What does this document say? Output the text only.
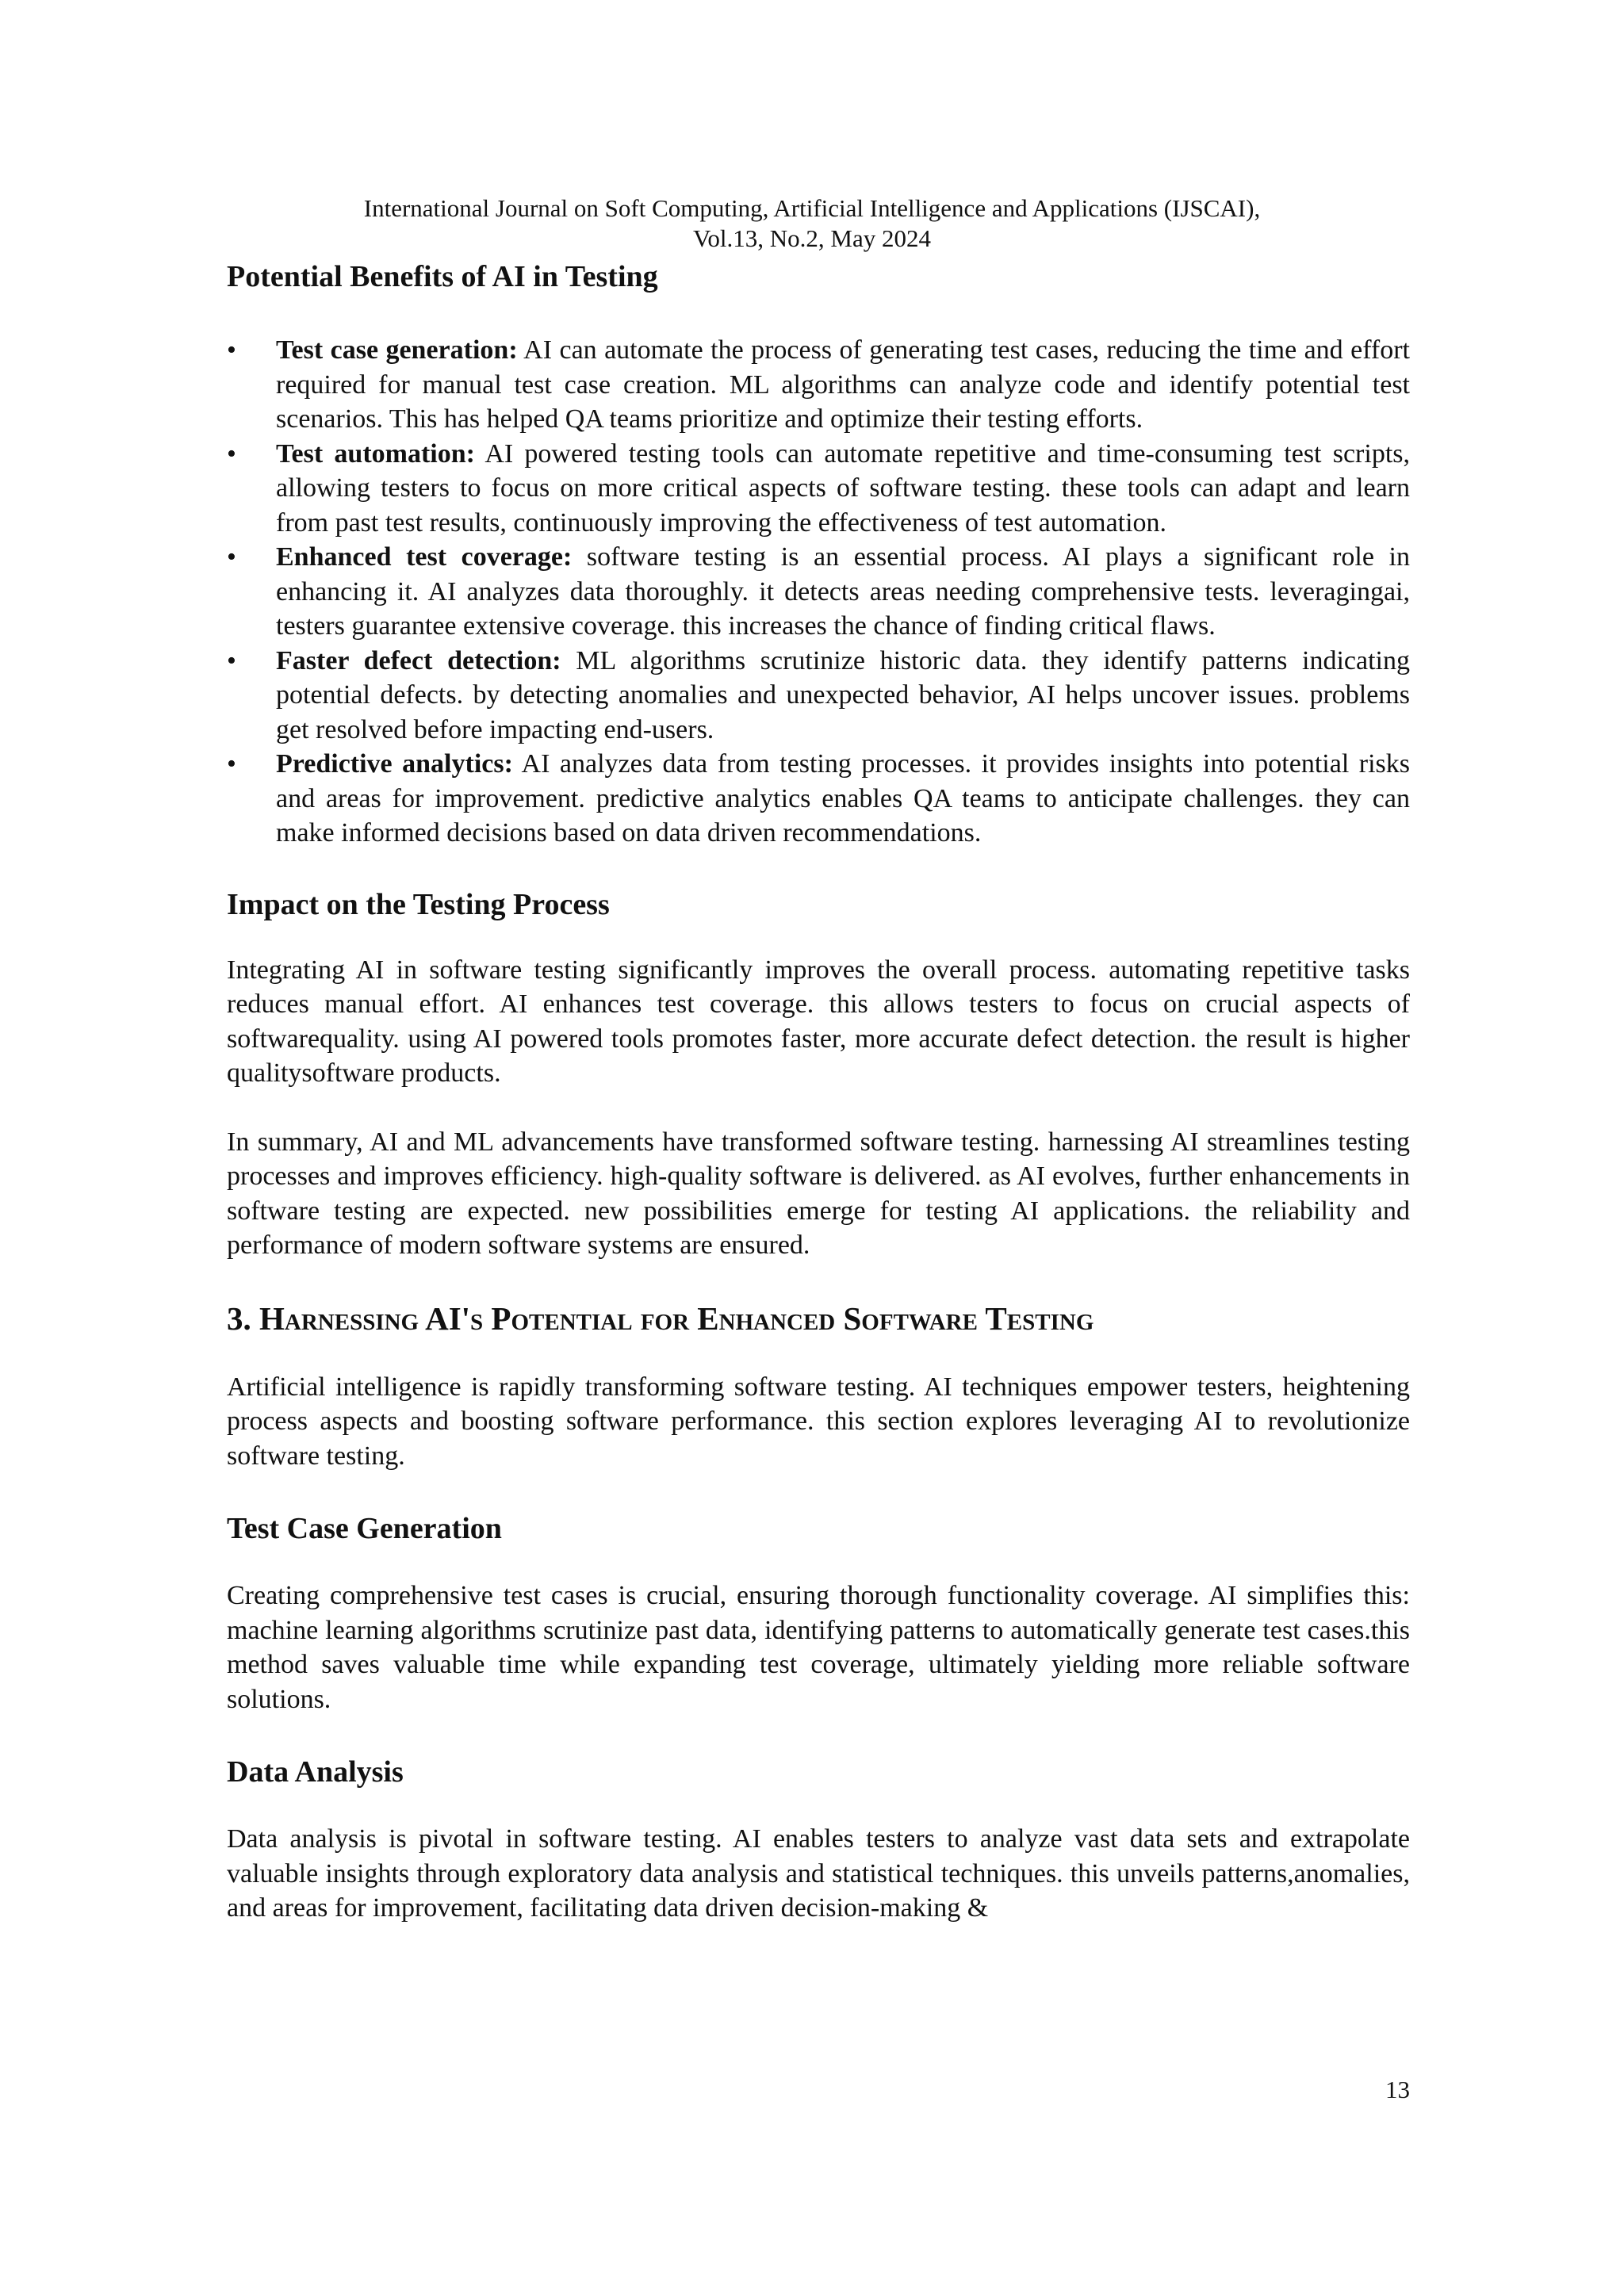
International Journal on Soft Computing, Artificial Intelligence and Applications (IJSCAI),
Vol.13, No.2, May 2024
Potential Benefits of AI in Testing
• Test case generation: AI can automate the process of generating test cases, reducing the time and effort required for manual test case creation. ML algorithms can analyze code and identify potential test scenarios. This has helped QA teams prioritize and optimize their testing efforts.
• Test automation: AI powered testing tools can automate repetitive and time-consuming test scripts, allowing testers to focus on more critical aspects of software testing. these tools can adapt and learn from past test results, continuously improving the effectiveness of test automation.
• Enhanced test coverage: software testing is an essential process. AI plays a significant role in enhancing it. AI analyzes data thoroughly. it detects areas needing comprehensive tests. leveragingai, testers guarantee extensive coverage. this increases the chance of finding critical flaws.
• Faster defect detection: ML algorithms scrutinize historic data. they identify patterns indicating potential defects. by detecting anomalies and unexpected behavior, AI helps uncover issues. problems get resolved before impacting end-users.
• Predictive analytics: AI analyzes data from testing processes. it provides insights into potential risks and areas for improvement. predictive analytics enables QA teams to anticipate challenges. they can make informed decisions based on data driven recommendations.
Impact on the Testing Process

Integrating AI in software testing significantly improves the overall process. automating repetitive tasks reduces manual effort. AI enhances test coverage. this allows testers to focus on crucial aspects of softwarequality. using AI powered tools promotes faster, more accurate defect detection. the result is higher qualitysoftware products.

In summary, AI and ML advancements have transformed software testing. harnessing AI streamlines testing processes and improves efficiency. high-quality software is delivered. as AI evolves, further enhancements in software testing are expected. new possibilities emerge for testing AI applications. the reliability and performance of modern software systems are ensured.

3. Harnessing AI's Potential for Enhanced Software Testing

Artificial intelligence is rapidly transforming software testing. AI techniques empower testers, heightening process aspects and boosting software performance. this section explores leveraging AI to revolutionize software testing.

Test Case Generation

Creating comprehensive test cases is crucial, ensuring thorough functionality coverage. AI simplifies this: machine learning algorithms scrutinize past data, identifying patterns to automatically generate test cases.this method saves valuable time while expanding test coverage, ultimately yielding more reliable software solutions.

Data Analysis

Data analysis is pivotal in software testing. AI enables testers to analyze vast data sets and extrapolate valuable insights through exploratory data analysis and statistical techniques. this unveils patterns,anomalies, and areas for improvement, facilitating data driven decision-making &

13
